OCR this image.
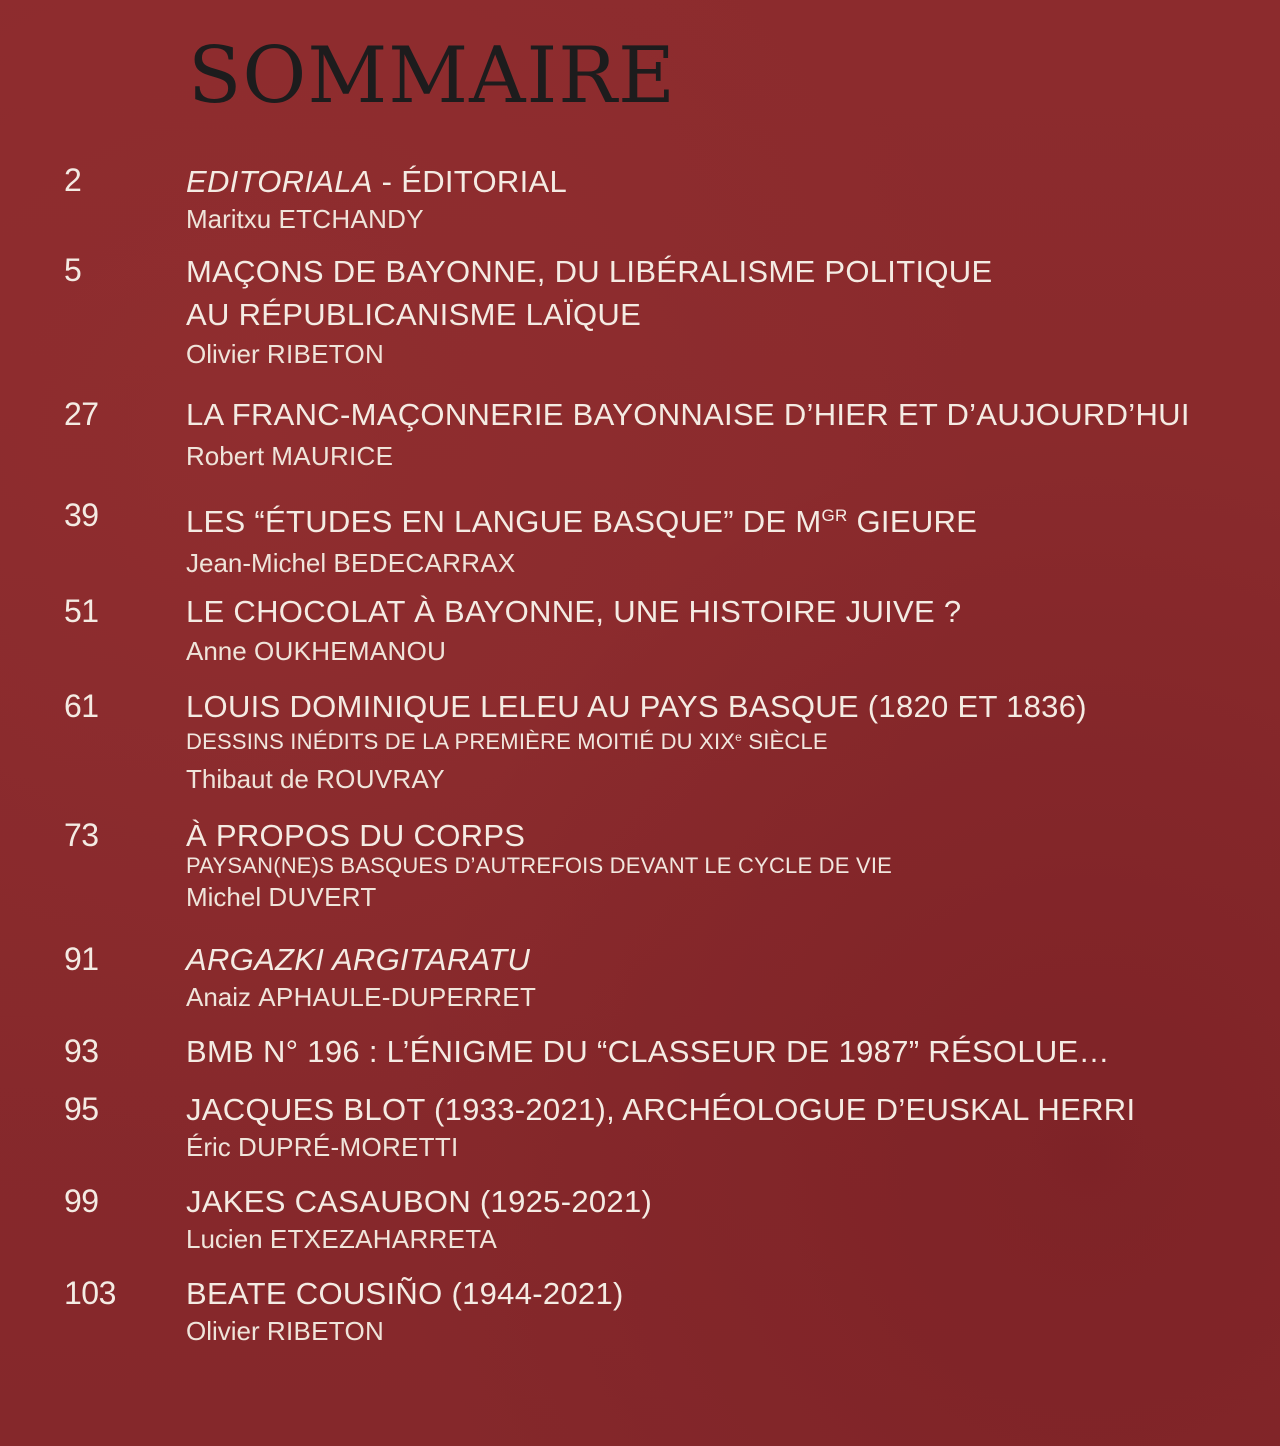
SOMMAIRE
2	EDITORIALA - ÉDITORIAL
Maritxu ETCHANDY
5	MAÇONS DE BAYONNE, DU LIBÉRALISME POLITIQUE
AU RÉPUBLICANISME LAÏQUE
Olivier RIBETON
27	LA FRANC-MAÇONNERIE BAYONNAISE D’HIER ET D’AUJOURD’HUI
Robert MAURICE
39	LES “ÉTUDES EN LANGUE BASQUE” DE $M^{GR}$ GIEURE
Jean-Michel BEDECARRAX
51	LE CHOCOLAT À BAYONNE, UNE HISTOIRE JUIVE ?
Anne OUKHEMANOU
61	LOUIS DOMINIQUE LELEU AU PAYS BASQUE (1820 ET 1836)
DESSINS INÉDITS DE LA PREMIÈRE MOITIÉ DU XIXe SIÈCLE
Thibaut de ROUVRAY
73	À PROPOS DU CORPS
PAYSAN(NE)S BASQUES D’AUTREFOIS DEVANT LE CYCLE DE VIE
Michel DUVERT
91	ARGAZKI ARGITARATU
Anaiz APHAULE-DUPERRET
93	BMB N° 196 : L’ÉNIGME DU “CLASSEUR DE 1987” RÉSOLUE…
95	JACQUES BLOT (1933-2021), ARCHÉOLOGUE D’EUSKAL HERRI
Éric DUPRÉ-MORETTI
99	JAKES CASAUBON (1925-2021)
Lucien ETXEZAHARRETA
103 BEATE COUSIÑO (1944-2021)
Olivier RIBETON
